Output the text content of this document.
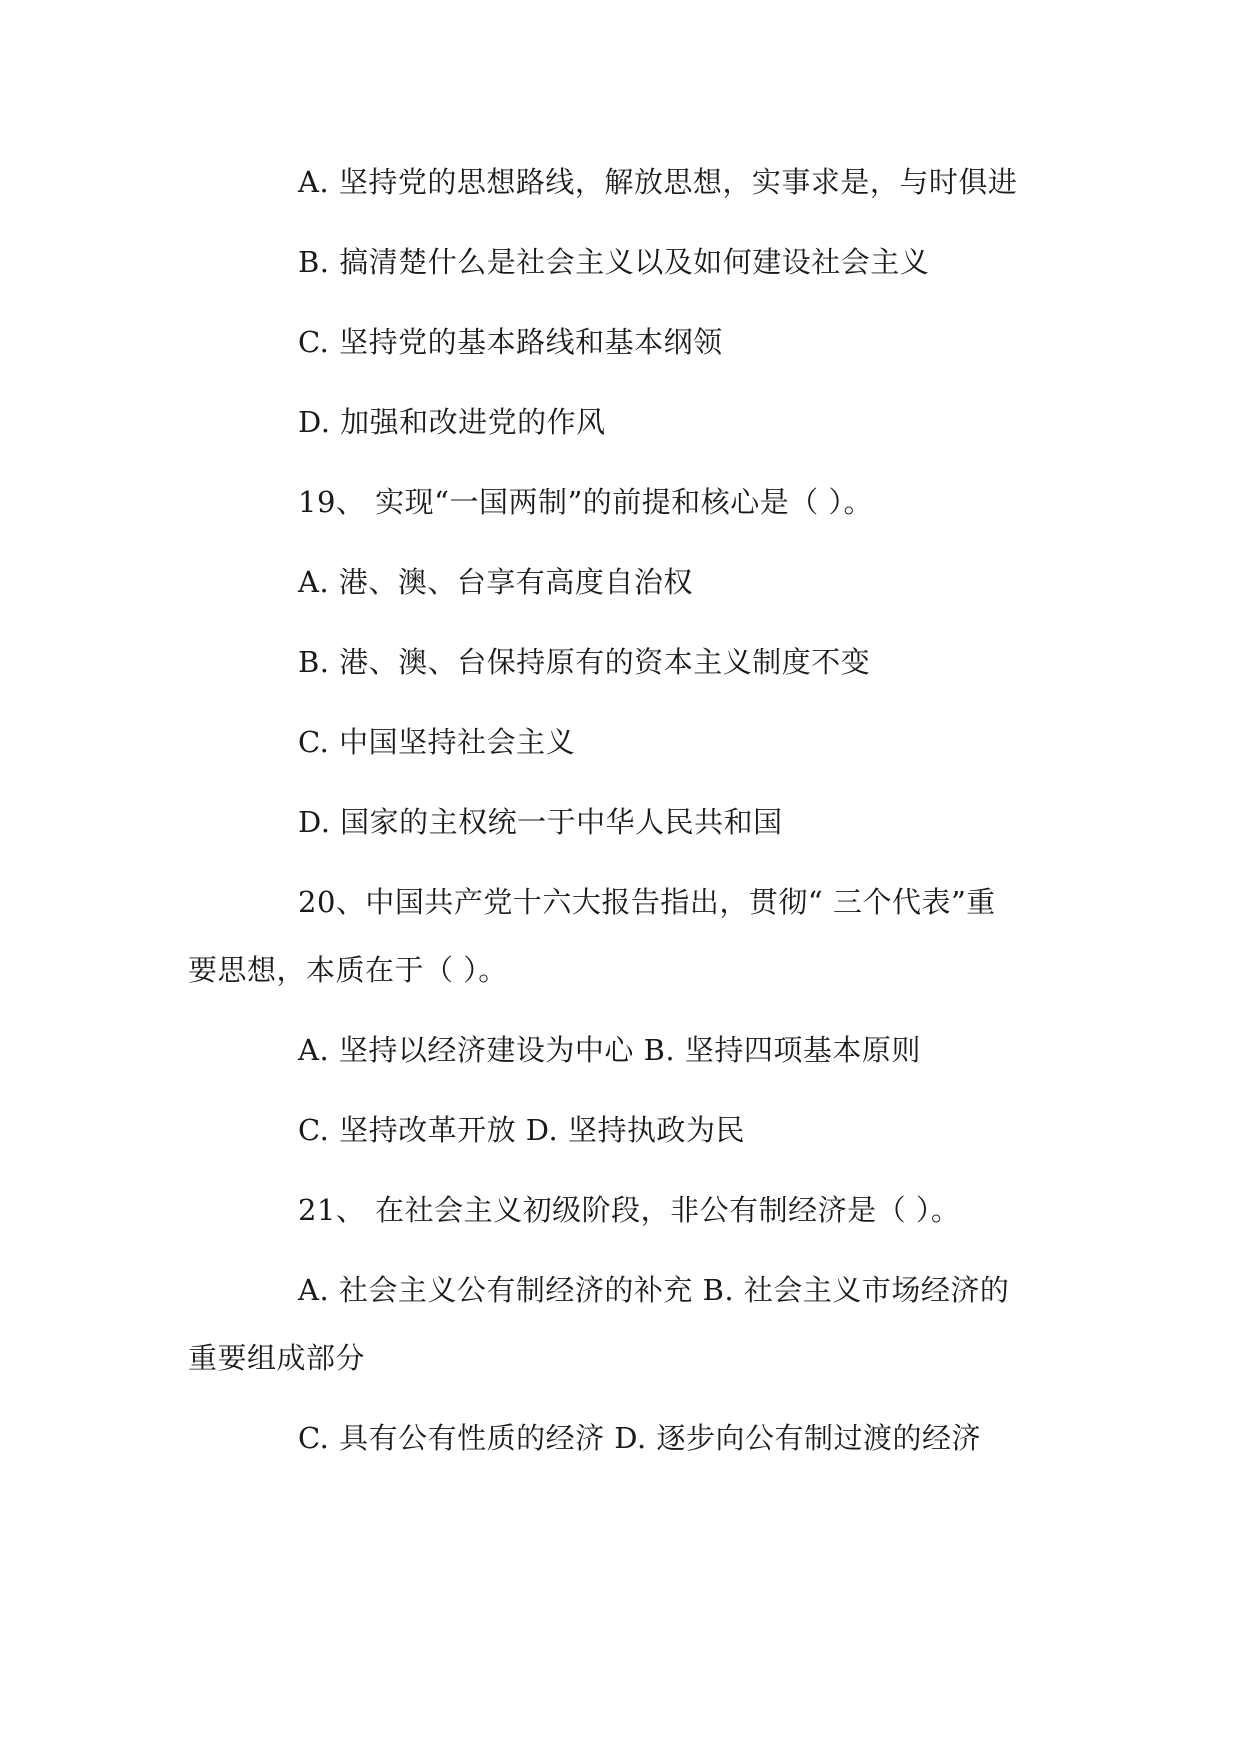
A. 坚持党的思想路线，解放思想，实事求是，与时俱进
B. 搞清楚什么是社会主义以及如何建设社会主义
C. 坚持党的基本路线和基本纲领
D. 加强和改进党的作风
19、 实现“一国两制”的前提和核心是（ ）。
A. 港、澳、台享有高度自治权
B. 港、澳、台保持原有的资本主义制度不变
C. 中国坚持社会主义
D. 国家的主权统一于中华人民共和国
20、中国共产党十六大报告指出，贯彻“ 三个代表”重
要思想，本质在于（ ）。
A. 坚持以经济建设为中心 B. 坚持四项基本原则
C. 坚持改革开放 D. 坚持执政为民
21、 在社会主义初级阶段，非公有制经济是（ ）。
A. 社会主义公有制经济的补充 B. 社会主义市场经济的
重要组成部分
C. 具有公有性质的经济 D. 逐步向公有制过渡的经济
